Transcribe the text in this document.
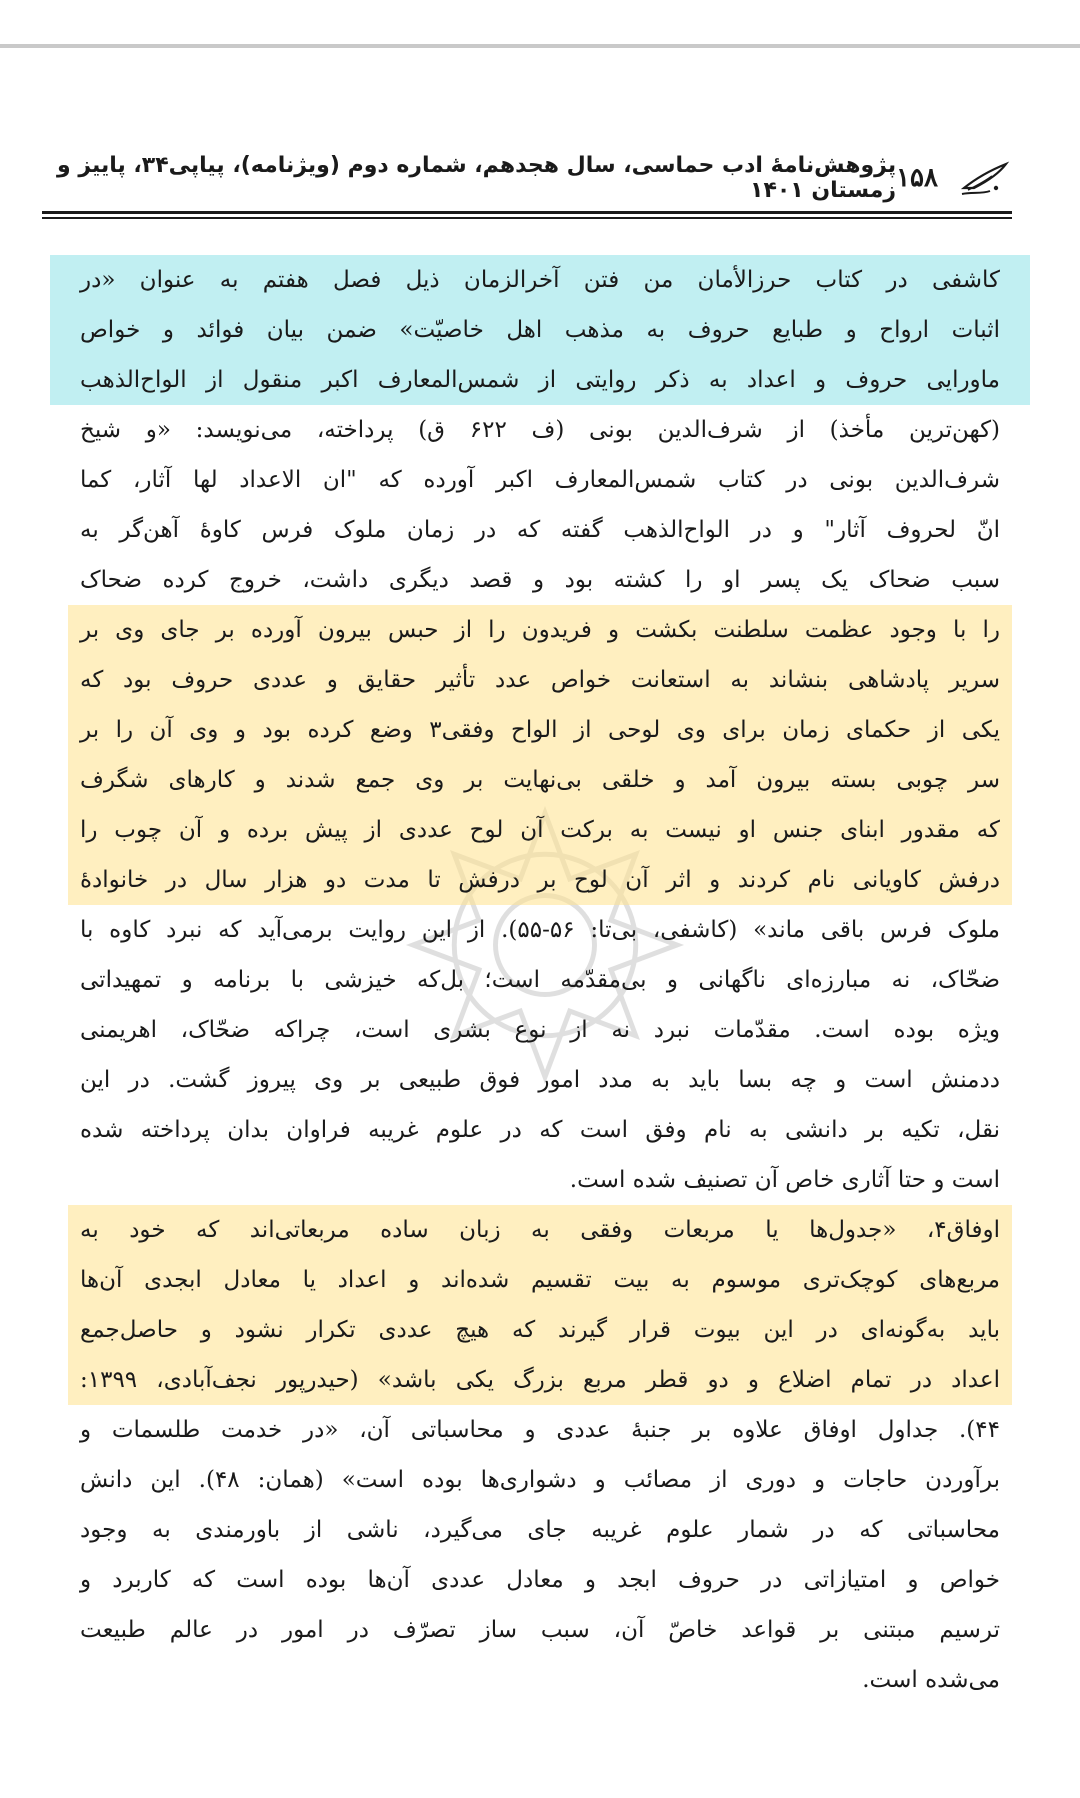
۱۵۸
پژوهش‌نامۀ ادب حماسی، سال هجدهم، شماره دوم (ویژنامه)، پیاپی۳۴، پاییز و زمستان ۱۴۰۱

کاشفی در کتاب حرزالأمان من فتن آخرالزمان ذیل فصل هفتم به عنوان «در
اثبات ارواح و طبایع حروف به مذهب اهل خاصیّت» ضمن بیان فوائد و خواص
ماورایی حروف و اعداد به ذکر روایتی از شمس‌المعارف اکبر منقول از الواح‌الذهب
(کهن‌ترین مأخذ) از شرف‌الدین بونی (ف ۶۲۲ ق) پرداخته، می‌نویسد: «و شیخ
شرف‌الدین بونی در کتاب شمس‌المعارف اکبر آورده که "ان الاعداد لها آثار، کما
انّ لحروف آثار" و در الواح‌الذهب گفته که در زمان ملوک فرس کاوۀ آهن‌گر به
سبب ضحاک یک پسر او را کشته بود و قصد دیگری داشت، خروج کرده ضحاک
را با وجود عظمت سلطنت بکشت و فریدون را از حبس بیرون آورده بر جای وی بر
سریر پادشاهی بنشاند به استعانت خواص عدد تأثیر حقایق و عددی حروف بود که
یکی از حکمای زمان برای وی لوحی از الواح وفقی۳ وضع کرده بود و وی آن را بر
سر چوبی بسته بیرون آمد و خلقی بی‌نهایت بر وی جمع شدند و کارهای شگرف
که مقدور ابنای جنس او نیست به برکت آن لوح عددی از پیش برده و آن چوب را
درفش کاویانی نام کردند و اثر آن لوح بر درفش تا مدت دو هزار سال در خانوادۀ
ملوک فرس باقی ماند» (کاشفی، بی‌تا: ۵۶-۵۵). از این روایت برمی‌آید که نبرد کاوه با
ضحّاک، نه مبارزه‌ای ناگهانی و بی‌مقدّمه است؛ بل‌که خیزشی با برنامه و تمهیداتی
ویژه بوده است. مقدّمات نبرد نه از نوع بشری است، چراکه ضحّاک، اهریمنی
ددمنش است و چه بسا باید به مدد امور فوق طبیعی بر وی پیروز گشت. در این
نقل، تکیه بر دانشی به نام وفق است که در علوم غریبه فراوان بدان پرداخته شده
است و حتا آثاری خاص آن تصنیف شده است.

اوفاق۴، «جدول‌ها یا مربعات وفقی به زبان ساده مربعاتی‌اند که خود به
مربع‌های کوچک‌تری موسوم به بیت تقسیم شده‌اند و اعداد یا معادل ابجدی آن‌ها
باید به‌گونه‌ای در این بیوت قرار گیرند که هیچ عددی تکرار نشود و حاصل‌جمع
اعداد در تمام اضلاع و دو قطر مربع بزرگ یکی باشد» (حیدرپور نجف‌آبادی، ۱۳۹۹:
۴۴). جداول اوفاق علاوه بر جنبۀ عددی و محاسباتی آن، «در خدمت طلسمات و
برآوردن حاجات و دوری از مصائب و دشواری‌ها بوده است» (همان: ۴۸). این دانش
محاسباتی که در شمار علوم غریبه جای می‌گیرد، ناشی از باورمندی به وجود
خواص و امتیازاتی در حروف ابجد و معادل عددی آن‌ها بوده است که کاربرد و
ترسیم مبتنی بر قواعد خاصّ آن، سبب ساز تصرّف در امور در عالم طبیعت
می‌شده است.
